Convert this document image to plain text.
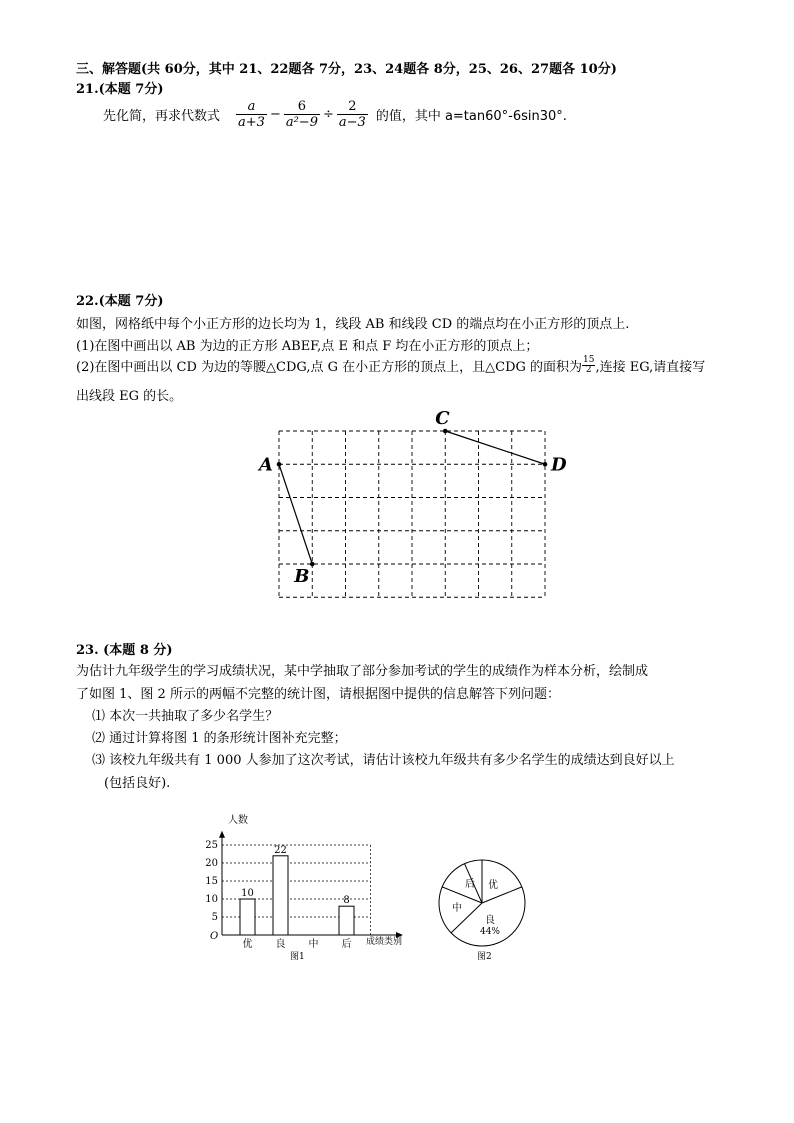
三、解答题(共 60分，其中 21、22题各 7分，23、24题各 8分，25、26、27题各 10分)
21.(本题 7分)
先化简，再求代数式 $\frac{a}{a+3} - \frac{6}{\text{a²−9}} \div \frac{2}{a-3}$ 的值，其中 a=tan60°-6sin30°.
22.(本题 7分)
如图，网格纸中每个小正方形的边长均为 1，线段 AB 和线段 CD 的端点均在小正方形的顶点上.
(1)在图中画出以 AB 为边的正方形 ABEF,点 E 和点 F 均在小正方形的顶点上；
(2)在图中画出以 CD 为边的等腰△CDG,点 G 在小正方形的顶点上，且△CDG 的面积为 $\frac{15}{2}$ ,连接 EG,请直接写
出线段 EG 的长。
A
B
C
D
23. (本题 8 分)
为估计九年级学生的学习成绩状况，某中学抽取了部分参加考试的学生的成绩作为样本分析，绘制成
了如图 1、图 2 所示的两幅不完整的统计图，请根据图中提供的信息解答下列问题：
⑴ 本次一共抽取了多少名学生？
⑵ 通过计算将图 1 的条形统计图补充完整；
⑶ 该校九年级共有 1 000 人参加了这次考试，请估计该校九年级共有多少名学生的成绩达到良好以上
(包括良好).
5
10
15
20
25
10
22
8
优 良 中 后
人数
O	成绩类别
图1
优
良
44%
中
后
图2
